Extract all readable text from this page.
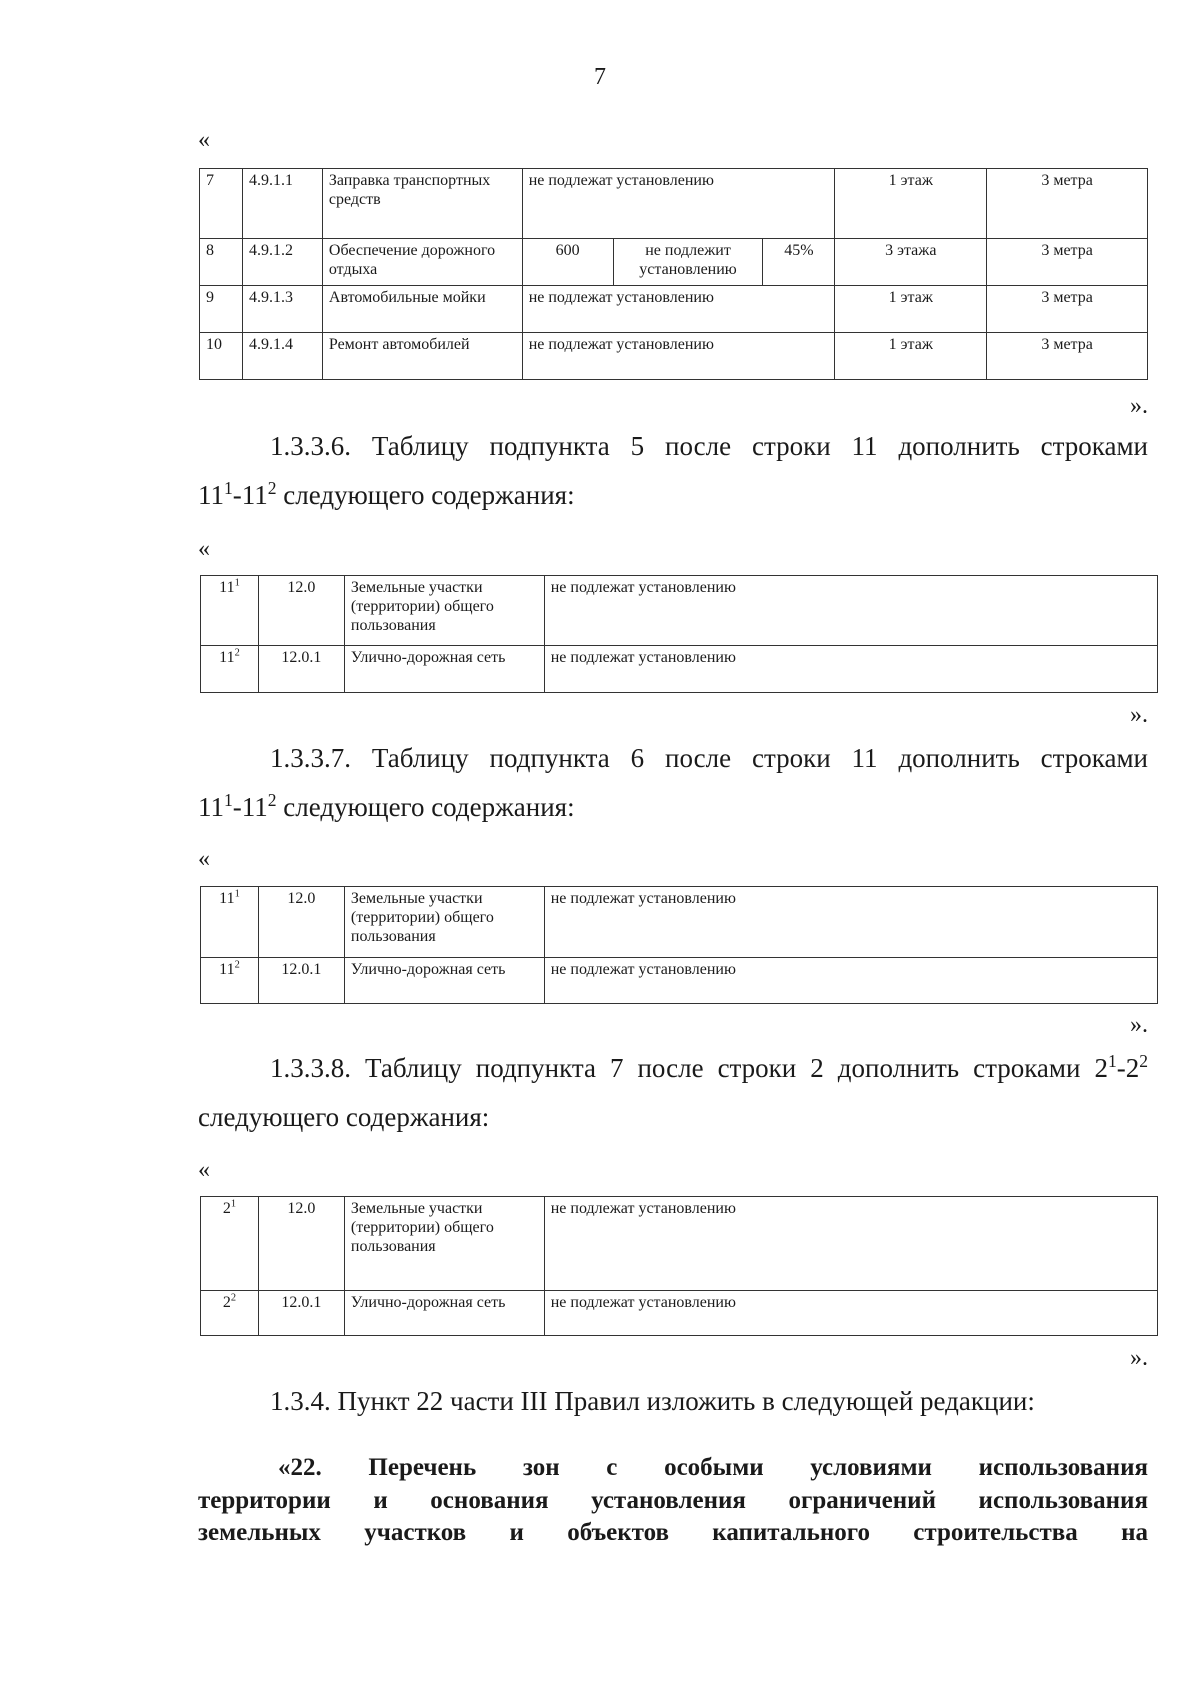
7
«
7	4.9.1.1	Заправка транспортных средств	не подлежат установлению			1 этаж	3 метра
8	4.9.1.2	Обеспечение дорожного отдыха	600	не подлежит установлению	45%	3 этажа	3 метра
9	4.9.1.3	Автомобильные мойки	не подлежат установлению			1 этаж	3 метра
10	4.9.1.4	Ремонт автомобилей	не подлежат установлению			1 этаж	3 метра
».
1.3.3.6. Таблицу подпункта 5 после строки 11 дополнить строками
$11^1-11^2$ следующего содержания:
«
$11^1$	12.0	Земельные участки (территории) общего пользования	не подлежат установлению
$11^2$	12.0.1	Улично-дорожная сеть	не подлежат установлению
».
1.3.3.7. Таблицу подпункта 6 после строки 11 дополнить строками
$11^1-11^2$ следующего содержания:
«
$11^1$	12.0	Земельные участки (территории) общего пользования	не подлежат установлению
$11^2$	12.0.1	Улично-дорожная сеть	не подлежат установлению
».
1.3.3.8. Таблицу подпункта 7 после строки 2 дополнить строками $2^1-2^2$
следующего содержания:
«
$2^1$	12.0	Земельные участки (территории) общего пользования	не подлежат установлению
$2^2$	12.0.1	Улично-дорожная сеть	не подлежат установлению
».
1.3.4. Пункт 22 части III Правил изложить в следующей редакции:
«22. Перечень зон с особыми условиями использования
территории и основания установления ограничений использования
земельных участков и объектов капитального строительства на
